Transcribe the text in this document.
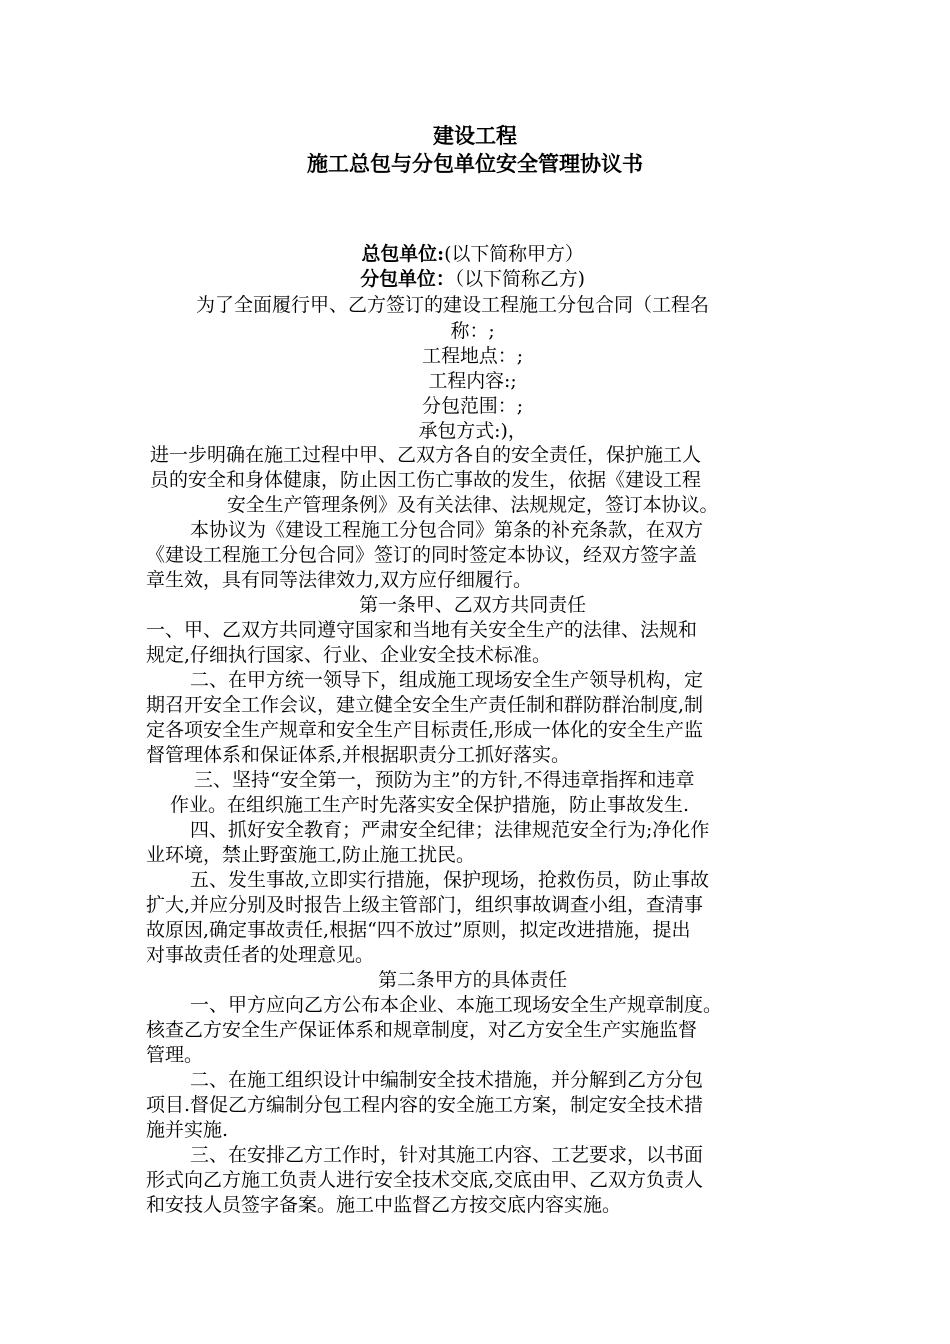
建设工程
施工总包与分包单位安全管理协议书
总包单位:(以下简称甲方）
分包单位：（以下简称乙方)
为了全面履行甲、乙方签订的建设工程施工分包合同（工程名
称：;
工程地点：;
工程内容:;
分包范围：;
承包方式:)，
进一步明确在施工过程中甲、乙双方各自的安全责任，保护施工人
员的安全和身体健康，防止因工伤亡事故的发生，依据《建设工程
安全生产管理条例》及有关法律、法规规定，签订本协议。
本协议为《建设工程施工分包合同》第条的补充条款，在双方
《建设工程施工分包合同》签订的同时签定本协议，经双方签字盖
章生效，具有同等法律效力,双方应仔细履行。
第一条甲、乙双方共同责任
一、甲、乙双方共同遵守国家和当地有关安全生产的法律、法规和
规定,仔细执行国家、行业、企业安全技术标准。
二、在甲方统一领导下，组成施工现场安全生产领导机构，定
期召开安全工作会议，建立健全安全生产责任制和群防群治制度,制
定各项安全生产规章和安全生产目标责任,形成一体化的安全生产监
督管理体系和保证体系,并根据职责分工抓好落实。
三、坚持“安全第一，预防为主”的方针,不得违章指挥和违章
作业。在组织施工生产时先落实安全保护措施，防止事故发生.
四、抓好安全教育；严肃安全纪律；法律规范安全行为;净化作
业环境，禁止野蛮施工,防止施工扰民。
五、发生事故,立即实行措施，保护现场，抢救伤员，防止事故
扩大,并应分别及时报告上级主管部门，组织事故调查小组，查清事
故原因,确定事故责任,根据“四不放过”原则，拟定改进措施，提出
对事故责任者的处理意见。
第二条甲方的具体责任
一、甲方应向乙方公布本企业、本施工现场安全生产规章制度。
核查乙方安全生产保证体系和规章制度，对乙方安全生产实施监督
管理。
二、在施工组织设计中编制安全技术措施，并分解到乙方分包
项目.督促乙方编制分包工程内容的安全施工方案，制定安全技术措
施并实施.
三、在安排乙方工作时，针对其施工内容、工艺要求，以书面
形式向乙方施工负责人进行安全技术交底,交底由甲、乙双方负责人
和安技人员签字备案。施工中监督乙方按交底内容实施。
